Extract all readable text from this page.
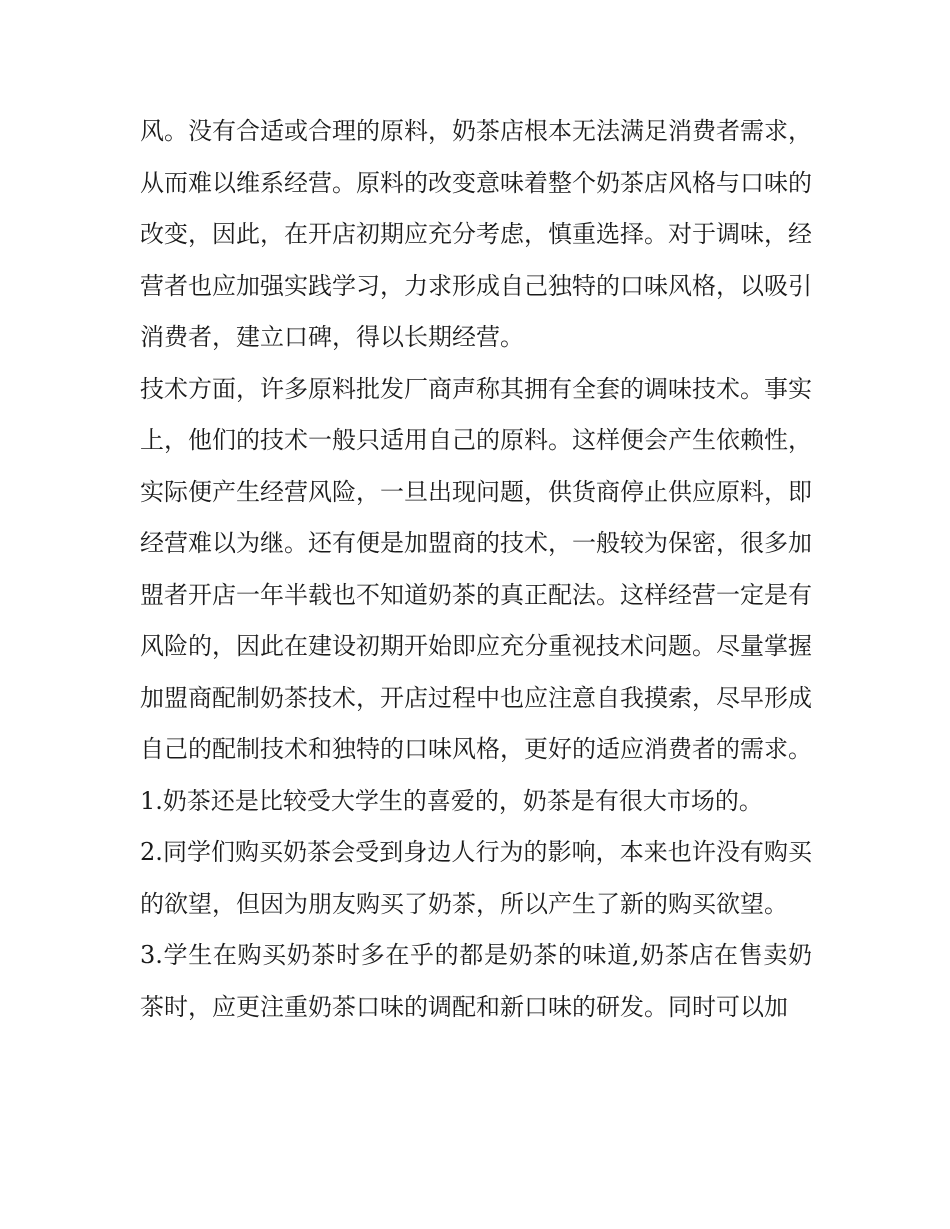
风。没有合适或合理的原料，奶茶店根本无法满足消费者需求，从而难以维系经营。原料的改变意味着整个奶茶店风格与口味的改变，因此，在开店初期应充分考虑，慎重选择。对于调味，经营者也应加强实践学习，力求形成自己独特的口味风格，以吸引消费者，建立口碑，得以长期经营。

技术方面，许多原料批发厂商声称其拥有全套的调味技术。事实上，他们的技术一般只适用自己的原料。这样便会产生依赖性，实际便产生经营风险，一旦出现问题，供货商停止供应原料，即经营难以为继。还有便是加盟商的技术，一般较为保密，很多加盟者开店一年半载也不知道奶茶的真正配法。这样经营一定是有风险的，因此在建设初期开始即应充分重视技术问题。尽量掌握加盟商配制奶茶技术，开店过程中也应注意自我摸索，尽早形成自己的配制技术和独特的口味风格，更好的适应消费者的需求。

1.奶茶还是比较受大学生的喜爱的，奶茶是有很大市场的。

2.同学们购买奶茶会受到身边人行为的影响，本来也许没有购买的欲望，但因为朋友购买了奶茶，所以产生了新的购买欲望。

3.学生在购买奶茶时多在乎的都是奶茶的味道,奶茶店在售卖奶茶时，应更注重奶茶口味的调配和新口味的研发。同时可以加
